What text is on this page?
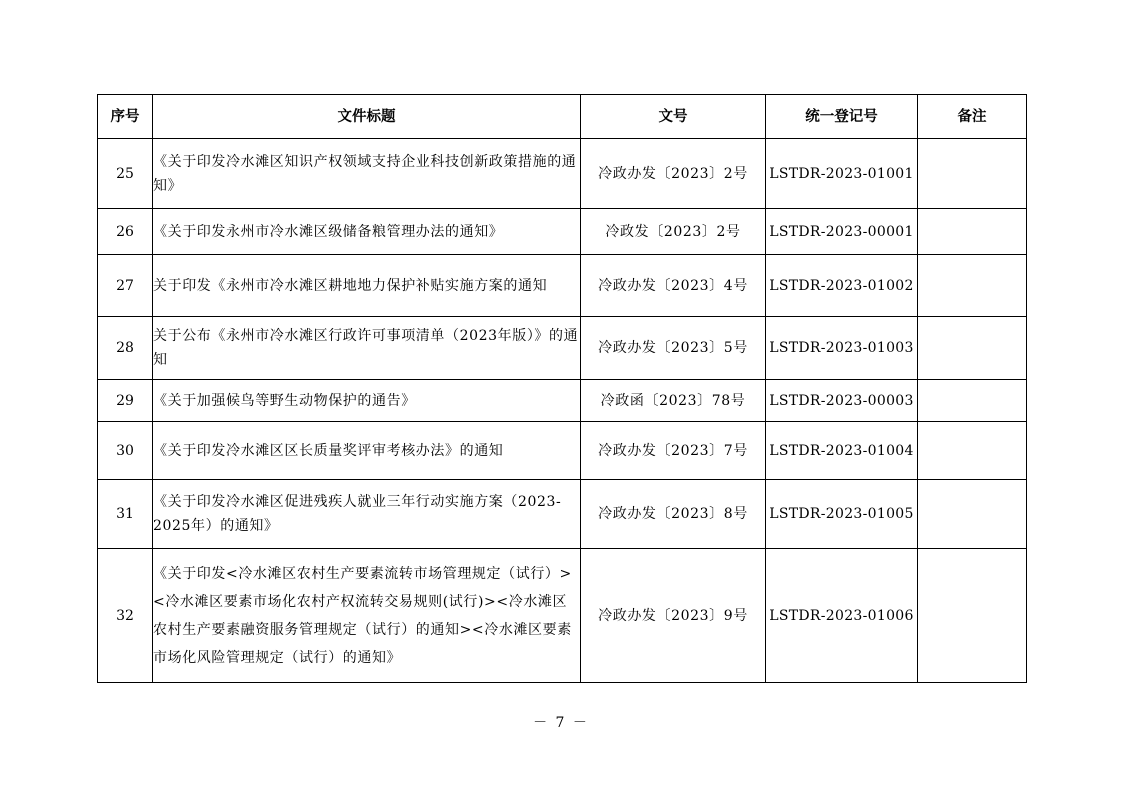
序号	文件标题	文号	统一登记号	备注
25	《关于印发冷水滩区知识产权领域支持企业科技创新政策措施的通知》	冷政办发〔2023〕2号	LSTDR-2023-01001	
26	《关于印发永州市冷水滩区级储备粮管理办法的通知》	冷政发〔2023〕2号	LSTDR-2023-00001	
27	关于印发《永州市冷水滩区耕地地力保护补贴实施方案的通知	冷政办发〔2023〕4号	LSTDR-2023-01002	
28	关于公布《永州市冷水滩区行政许可事项清单（2023年版）》的通知	冷政办发〔2023〕5号	LSTDR-2023-01003	
29	《关于加强候鸟等野生动物保护的通告》	冷政函〔2023〕78号	LSTDR-2023-00003	
30	《关于印发冷水滩区区长质量奖评审考核办法》的通知	冷政办发〔2023〕7号	LSTDR-2023-01004	
31	《关于印发冷水滩区促进残疾人就业三年行动实施方案（2023-2025年）的通知》	冷政办发〔2023〕8号	LSTDR-2023-01005	
32	《关于印发<冷水滩区农村生产要素流转市场管理规定（试行）><冷水滩区要素市场化农村产权流转交易规则(试行)><冷水滩区农村生产要素融资服务管理规定（试行）的通知><冷水滩区要素市场化风险管理规定（试行）的通知》	冷政办发〔2023〕9号	LSTDR-2023-01006	
－ 7 －
